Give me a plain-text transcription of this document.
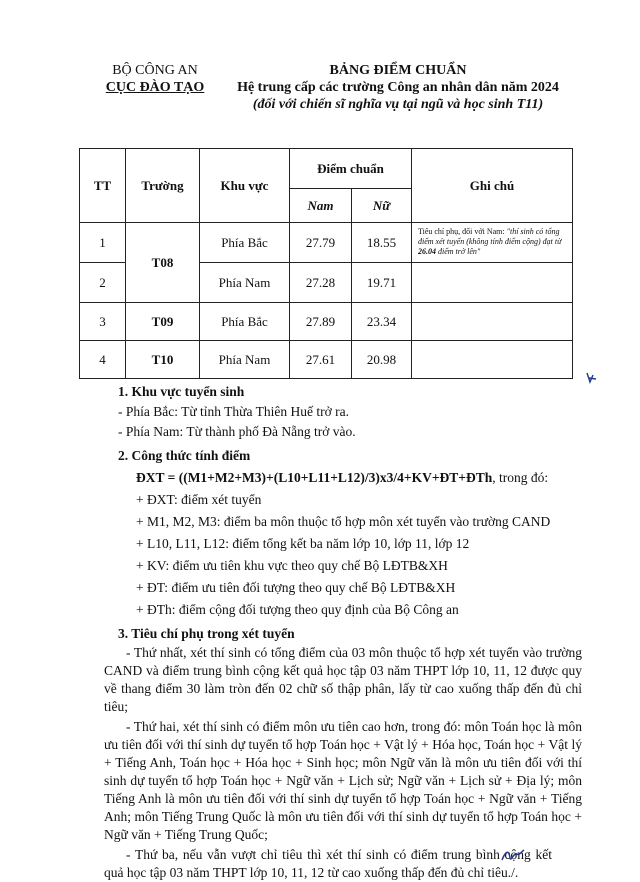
BỘ CÔNG AN
CỤC ĐÀO TẠO
BẢNG ĐIỂM CHUẨN
Hệ trung cấp các trường Công an nhân dân năm 2024
(đối với chiến sĩ nghĩa vụ tại ngũ và học sinh T11)
TT	Trường	Khu vực	Điểm chuẩn		Ghi chú
			Nam	Nữ	
1	T08	Phía Bắc	27.79	18.55	Tiêu chí phụ, đối với Nam: "thí sinh có tổng điểm xét tuyển (không tính điểm cộng) đạt từ 26.04 điểm trở lên"
2		Phía Nam	27.28	19.71	
3	T09	Phía Bắc	27.89	23.34	
4	T10	Phía Nam	27.61	20.98	
1. Khu vực tuyển sinh
- Phía Bắc: Từ tỉnh Thừa Thiên Huế trở ra.
- Phía Nam: Từ thành phố Đà Nẵng trở vào.
2. Công thức tính điểm
ĐXT = ((M1+M2+M3)+(L10+L11+L12)/3)x3/4+KV+ĐT+ĐTh, trong đó:
+ ĐXT: điểm xét tuyển
+ M1, M2, M3: điểm ba môn thuộc tổ hợp môn xét tuyển vào trường CAND
+ L10, L11, L12: điểm tổng kết ba năm lớp 10, lớp 11, lớp 12
+ KV: điểm ưu tiên khu vực theo quy chế Bộ LĐTB&XH
+ ĐT: điểm ưu tiên đối tượng theo quy chế Bộ LĐTB&XH
+ ĐTh: điểm cộng đối tượng theo quy định của Bộ Công an
3. Tiêu chí phụ trong xét tuyển
- Thứ nhất, xét thí sinh có tổng điểm của 03 môn thuộc tổ hợp xét tuyển vào trường CAND và điểm trung bình cộng kết quả học tập 03 năm THPT lớp 10, 11, 12 được quy về thang điểm 30 làm tròn đến 02 chữ số thập phân, lấy từ cao xuống thấp đến đủ chỉ tiêu;
- Thứ hai, xét thí sinh có điểm môn ưu tiên cao hơn, trong đó: môn Toán học là môn ưu tiên đối với thí sinh dự tuyển tổ hợp Toán học + Vật lý + Hóa học, Toán học + Vật lý + Tiếng Anh, Toán học + Hóa học + Sinh học; môn Ngữ văn là môn ưu tiên đối với thí sinh dự tuyển tổ hợp Toán học + Ngữ văn + Lịch sử; Ngữ văn + Lịch sử + Địa lý; môn Tiếng Anh là môn ưu tiên đối với thí sinh dự tuyển tổ hợp Toán học + Ngữ văn + Tiếng Anh; môn Tiếng Trung Quốc là môn ưu tiên đối với thí sinh dự tuyển tổ hợp Toán học + Ngữ văn + Tiếng Trung Quốc;
- Thứ ba, nếu vẫn vượt chỉ tiêu thì xét thí sinh có điểm trung bình cộng kết quả học tập 03 năm THPT lớp 10, 11, 12 từ cao xuống thấp đến đủ chỉ tiêu./.
